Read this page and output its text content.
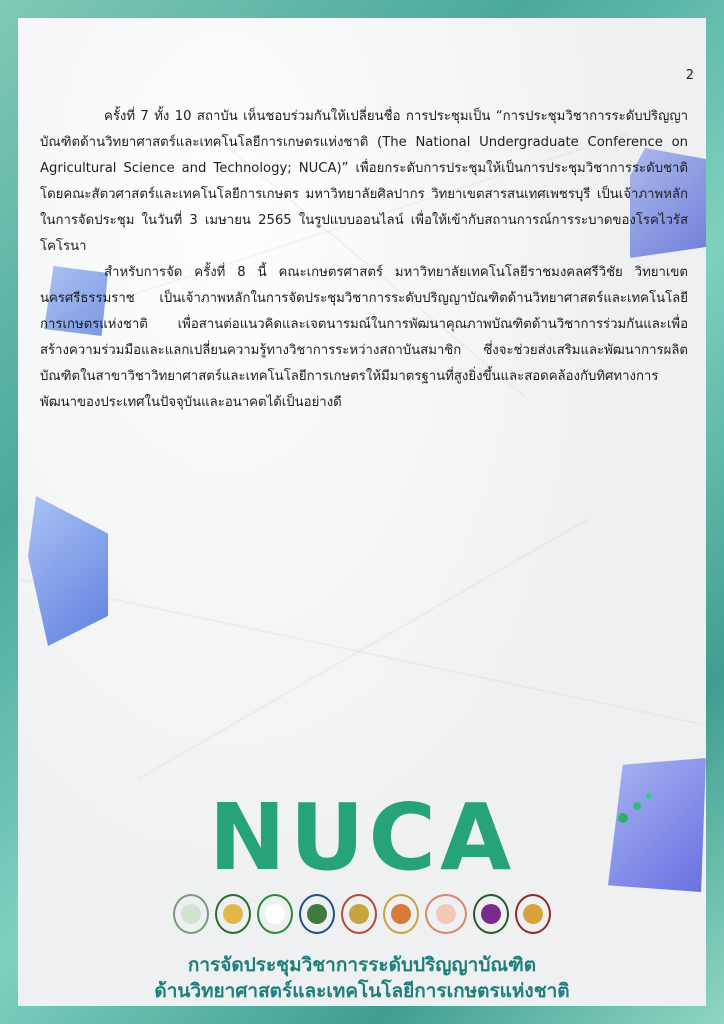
2

ครั้งที่ 7 ทั้ง 10 สถาบัน เห็นชอบร่วมกันให้เปลี่ยนชื่อ การประชุมเป็น “การประชุมวิชาการระดับปริญญาบัณฑิตด้านวิทยาศาสตร์และเทคโนโลยีการเกษตรแห่งชาติ (The National Undergraduate Conference on Agricultural Science and Technology; NUCA)” เพื่อยกระดับการประชุมให้เป็นการประชุมวิชาการระดับชาติ โดยคณะสัตวศาสตร์และเทคโนโลยีการเกษตร มหาวิทยาลัยศิลปากร วิทยาเขตสารสนเทศเพชรบุรี เป็นเจ้าภาพหลักในการจัดประชุม ในวันที่ 3 เมษายน 2565 ในรูปแบบออนไลน์ เพื่อให้เข้ากับสถานการณ์การระบาดของโรคไวรัสโคโรนา

สำหรับการจัด ครั้งที่ 8 นี้ คณะเกษตรศาสตร์ มหาวิทยาลัยเทคโนโลยีราชมงคลศรีวิชัย วิทยาเขตนครศรีธรรมราช เป็นเจ้าภาพหลักในการจัดประชุมวิชาการระดับปริญญาบัณฑิตด้านวิทยาศาสตร์และเทคโนโลยีการเกษตรแห่งชาติ เพื่อสานต่อแนวคิดและเจตนารมณ์ในการพัฒนาคุณภาพบัณฑิตด้านวิชาการร่วมกันและเพื่อสร้างความร่วมมือและแลกเปลี่ยนความรู้ทางวิชาการระหว่างสถาบันสมาชิก ซึ่งจะช่วยส่งเสริมและพัฒนาการผลิตบัณฑิตในสาขาวิชาวิทยาศาสตร์และเทคโนโลยีการเกษตรให้มีมาตรฐานที่สูงยิ่งขึ้นและสอดคล้องกับทิศทางการพัฒนาของประเทศในปัจจุบันและอนาคตได้เป็นอย่างดี

NUCA
การจัดประชุมวิชาการระดับปริญญาบัณฑิต
ด้านวิทยาศาสตร์และเทคโนโลยีการเกษตรแห่งชาติ
